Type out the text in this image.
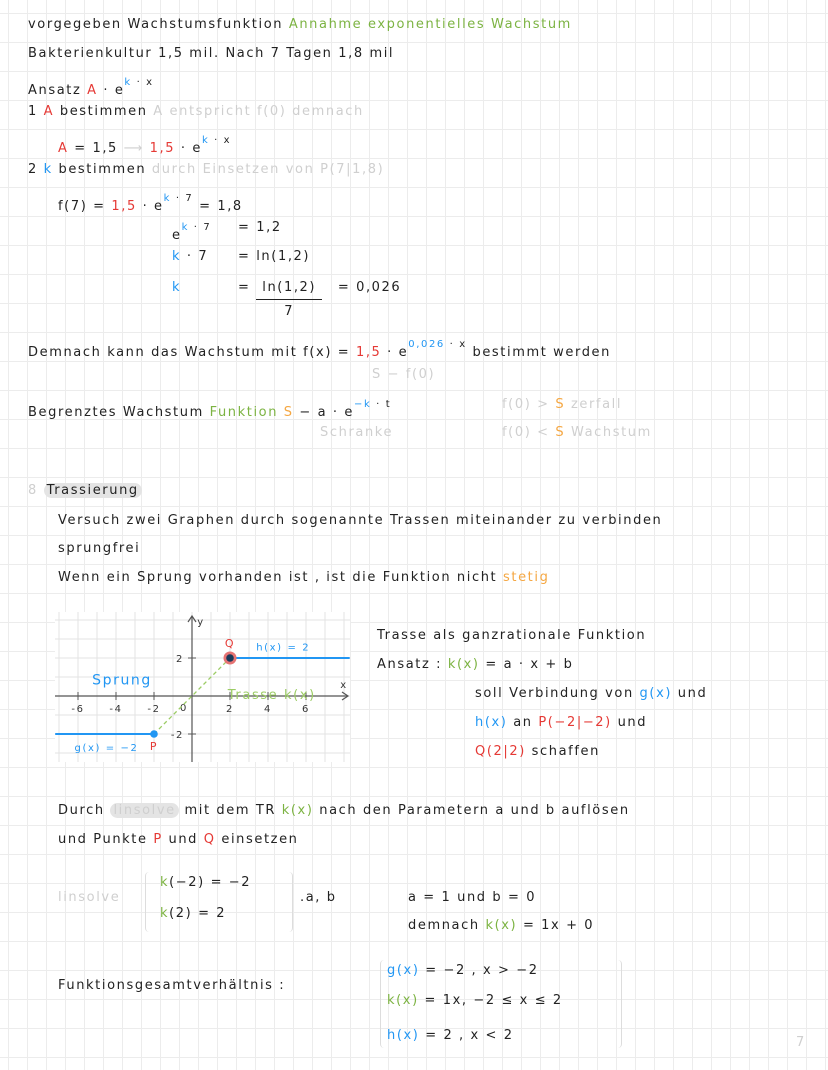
vorgegeben Wachstumsfunktion Annahme exponentielles Wachstum
Bakterienkultur 1,5 mil. Nach 7 Tagen 1,8 mil
Ansatz $A \cdot e^k$ $^{\cdot x}$
1 A bestimmen A entspricht f(0) demnach
A = 1,5 ⟶ $1,5 \cdot e^k$ $^{\cdot x}$
2 k bestimmen durch Einsetzen von P(7|1,8)
$f(7) = 1,5 \cdot e^k$ $^{\cdot 7}$ = 1,8
$e^k$ $^{\cdot 7}$ = 1,2
k · 7 = ln(1,2)
k	= $\frac{\ln(1,2)}{7} = 0,026$
Demnach kann das Wachstum mit $f(x) = 1,5 \cdot e^{0,026}$ $^{\cdot x}$ bestimmt werden
S − f(0)
Begrenztes Wachstum Funktion $S - a \cdot e^{-k}$ $^{\cdot t}$	f(0) > S zerfall
Schranke	f(0) < S Wachstum
8 Trassierung
Versuch zwei Graphen durch sogenannte Trassen miteinander zu verbinden
sprungfrei
Wenn ein Sprung vorhanden ist , ist die Funktion nicht stetig
x
y
0
-6 -4 -2	2	4	6
2
-2
P
Q
Sprung
Trasse k(x)
g(x) = −2
h(x) = 2
Trasse als ganzrationale Funktion
Ansatz : k(x) = a · x + b
soll Verbindung von g(x) und
h(x) an P(−2|−2) und
Q(2|2) schaffen
Durch linsolve mit dem TR k(x) nach den Parametern a und b auflösen
und Punkte P und Q einsetzen
linsolve
k(−2) = −2
k(2) = 2
.a, b	a = 1 und b = 0
demnach k(x) = 1x + 0
Funktionsgesamtverhältnis :
g(x) = −2 , x > −2
k(x) = 1x, −2 ≤ x ≤ 2
h(x) = 2 , x < 2	7
